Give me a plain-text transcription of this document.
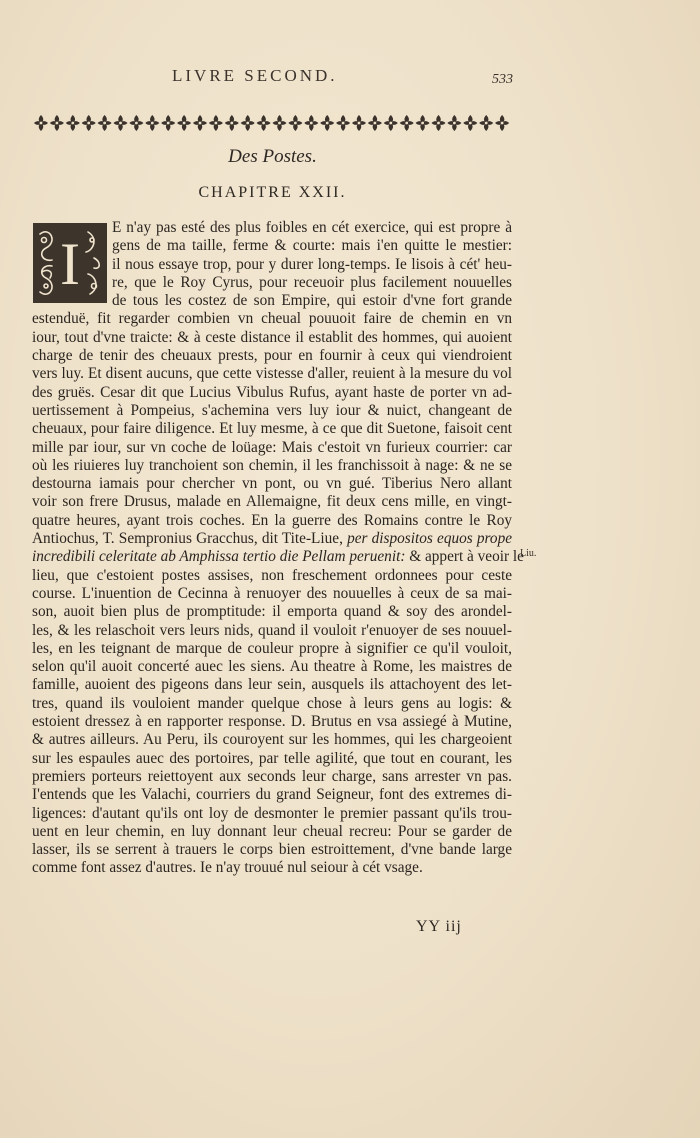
LIVRE SECOND.	533
Des Postes.
CHAPITRE XXII.
I
E n'ay pas esté des plus foibles en cét exercice, qui est propre à
gens de ma taille, ferme & courte: mais i'en quitte le mestier:
il nous essaye trop, pour y durer long-temps. Ie lisois à cét' heu-
re, que le Roy Cyrus, pour receuoir plus facilement nouuelles
de tous les costez de son Empire, qui estoir d'vne fort grande
estenduë, fit regarder combien vn cheual pouuoit faire de chemin en vn
iour, tout d'vne traicte: & à ceste distance il establit des hommes, qui auoient
charge de tenir des cheuaux prests, pour en fournir à ceux qui viendroient
vers luy. Et disent aucuns, que cette vistesse d'aller, reuient à la mesure du vol
des gruës. Cesar dit que Lucius Vibulus Rufus, ayant haste de porter vn ad-
uertissement à Pompeius, s'achemina vers luy iour & nuict, changeant de
cheuaux, pour faire diligence. Et luy mesme, à ce que dit Suetone, faisoit cent
mille par iour, sur vn coche de loüage: Mais c'estoit vn furieux courrier: car
où les riuieres luy tranchoient son chemin, il les franchissoit à nage: & ne se
destourna iamais pour chercher vn pont, ou vn gué. Tiberius Nero allant
voir son frere Drusus, malade en Allemaigne, fit deux cens mille, en vingt-
quatre heures, ayant trois coches. En la guerre des Romains contre le Roy
Antiochus, T. Sempronius Gracchus, dit Tite-Liue, per dispositos equos prope
incredibili celeritate ab Amphissa tertio die Pellam peruenit: & appert à veoir le
lieu, que c'estoient postes assises, non freschement ordonnees pour ceste
course. L'inuention de Cecinna à renuoyer des nouuelles à ceux de sa mai-
son, auoit bien plus de promptitude: il emporta quand & soy des arondel-
les, & les relaschoit vers leurs nids, quand il vouloit r'enuoyer de ses nouuel-
les, en les teignant de marque de couleur propre à signifier ce qu'il vouloit,
selon qu'il auoit concerté auec les siens. Au theatre à Rome, les maistres de
famille, auoient des pigeons dans leur sein, ausquels ils attachoyent des let-
tres, quand ils vouloient mander quelque chose à leurs gens au logis: &
estoient dressez à en rapporter response. D. Brutus en vsa assiegé à Mutine,
& autres ailleurs. Au Peru, ils couroyent sur les hommes, qui les chargeoient
sur les espaules auec des portoires, par telle agilité, que tout en courant, les
premiers porteurs reiettoyent aux seconds leur charge, sans arrester vn pas.
I'entends que les Valachi, courriers du grand Seigneur, font des extremes di-
ligences: d'autant qu'ils ont loy de desmonter le premier passant qu'ils trou-
uent en leur chemin, en luy donnant leur cheual recreu: Pour se garder de
lasser, ils se serrent à trauers le corps bien estroittement, d'vne bande large
comme font assez d'autres. Ie n'ay trouué nul seiour à cét vsage.
Liu.
YY iij
